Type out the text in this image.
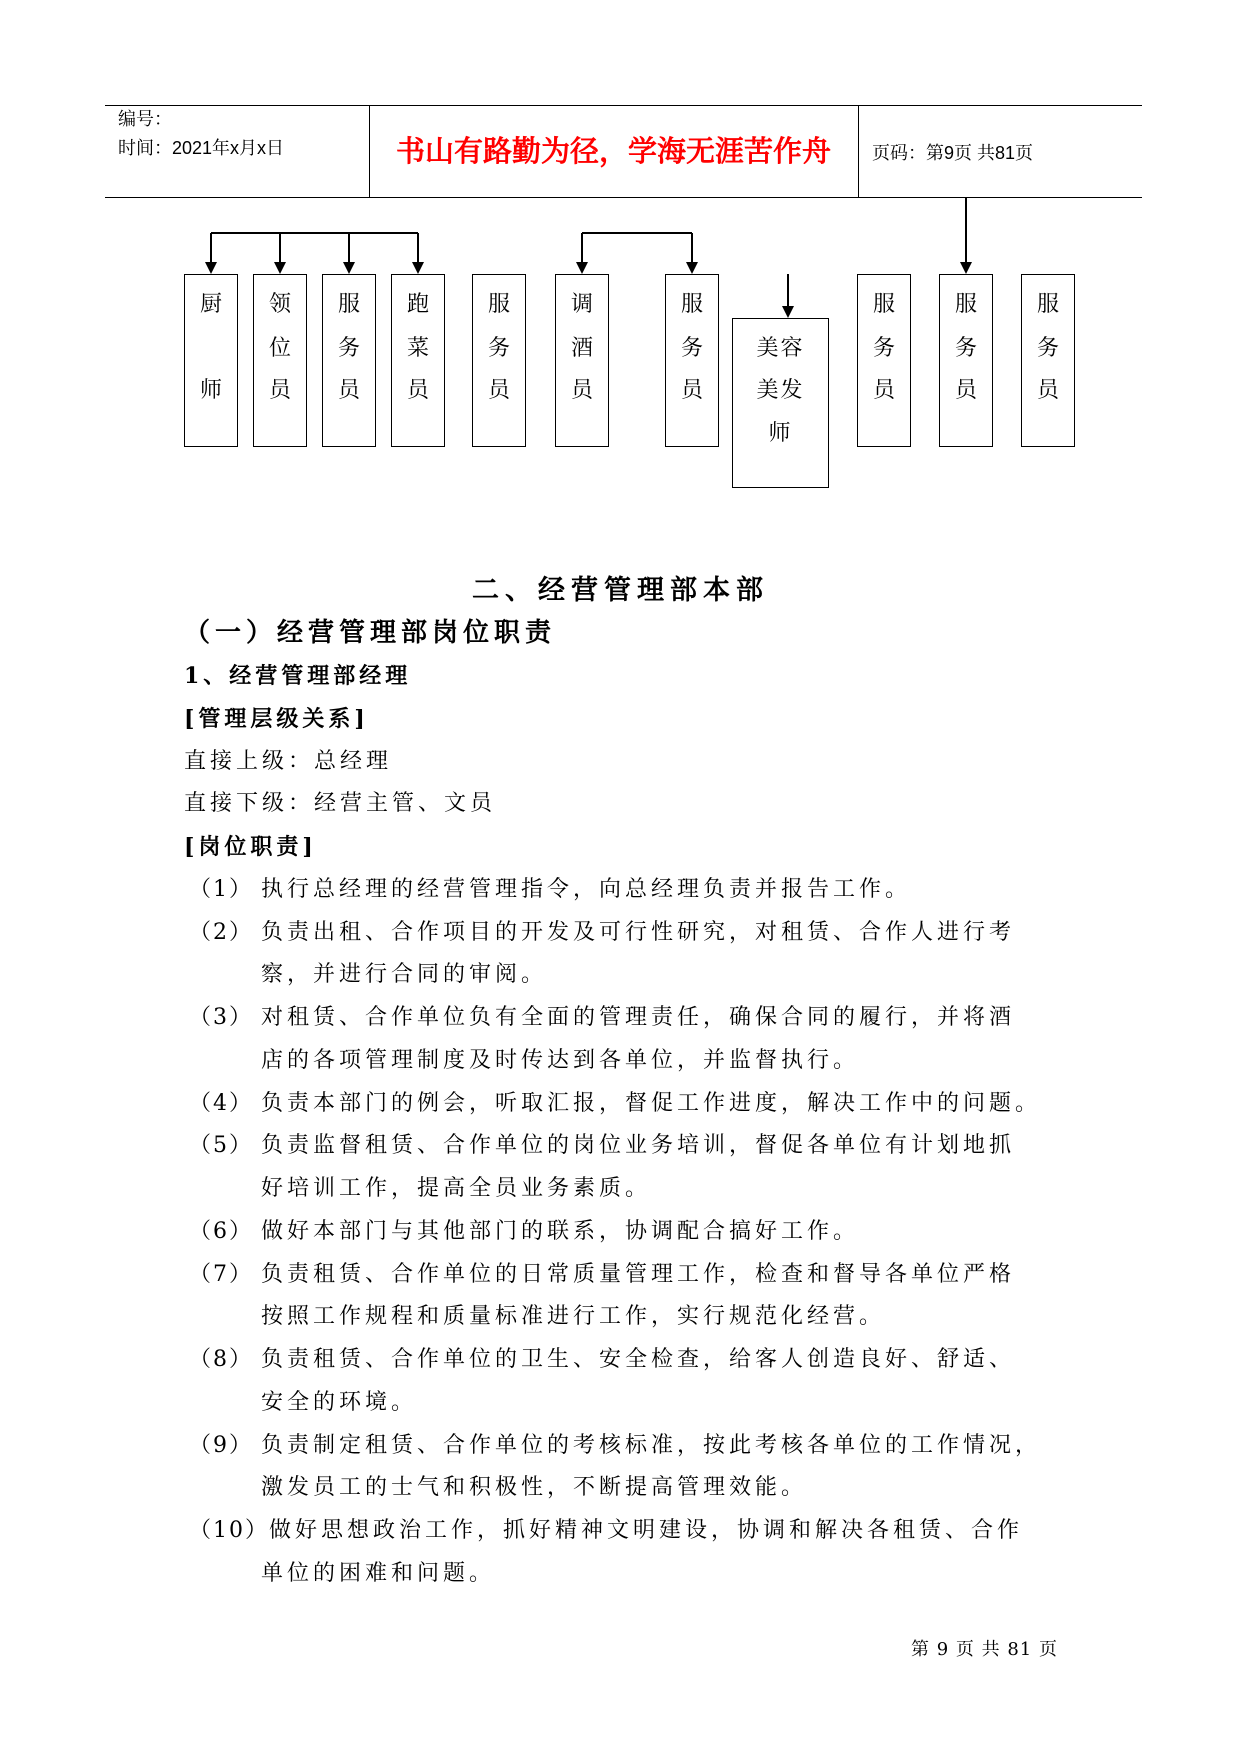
编号：
时间：2021年x月x日	书山有路勤为径，学海无涯苦作舟	页码：第9页 共81页
厨
师
领
位
员
服
务
员
跑
菜
员
服
务
员
调
酒
员
服
务
员
美容
美发
师
服
务
员
服
务
员
服
务
员
二、经营管理部本部
（一）经营管理部岗位职责
1、经营管理部经理
[管理层级关系]
直接上级：总经理
直接下级：经营主管、文员
[岗位职责]
（1） 执行总经理的经营管理指令，向总经理负责并报告工作。
（2） 负责出租、合作项目的开发及可行性研究，对租赁、合作人进行考
察，并进行合同的审阅。
（3） 对租赁、合作单位负有全面的管理责任，确保合同的履行，并将酒
店的各项管理制度及时传达到各单位，并监督执行。
（4） 负责本部门的例会，听取汇报，督促工作进度，解决工作中的问题。
（5） 负责监督租赁、合作单位的岗位业务培训，督促各单位有计划地抓
好培训工作，提高全员业务素质。
（6） 做好本部门与其他部门的联系，协调配合搞好工作。
（7） 负责租赁、合作单位的日常质量管理工作，检查和督导各单位严格
按照工作规程和质量标准进行工作，实行规范化经营。
（8） 负责租赁、合作单位的卫生、安全检查，给客人创造良好、舒适、
安全的环境。
（9） 负责制定租赁、合作单位的考核标准，按此考核各单位的工作情况，
激发员工的士气和积极性，不断提高管理效能。
（10）做好思想政治工作，抓好精神文明建设，协调和解决各租赁、合作
单位的困难和问题。
第 9 页 共 81 页
